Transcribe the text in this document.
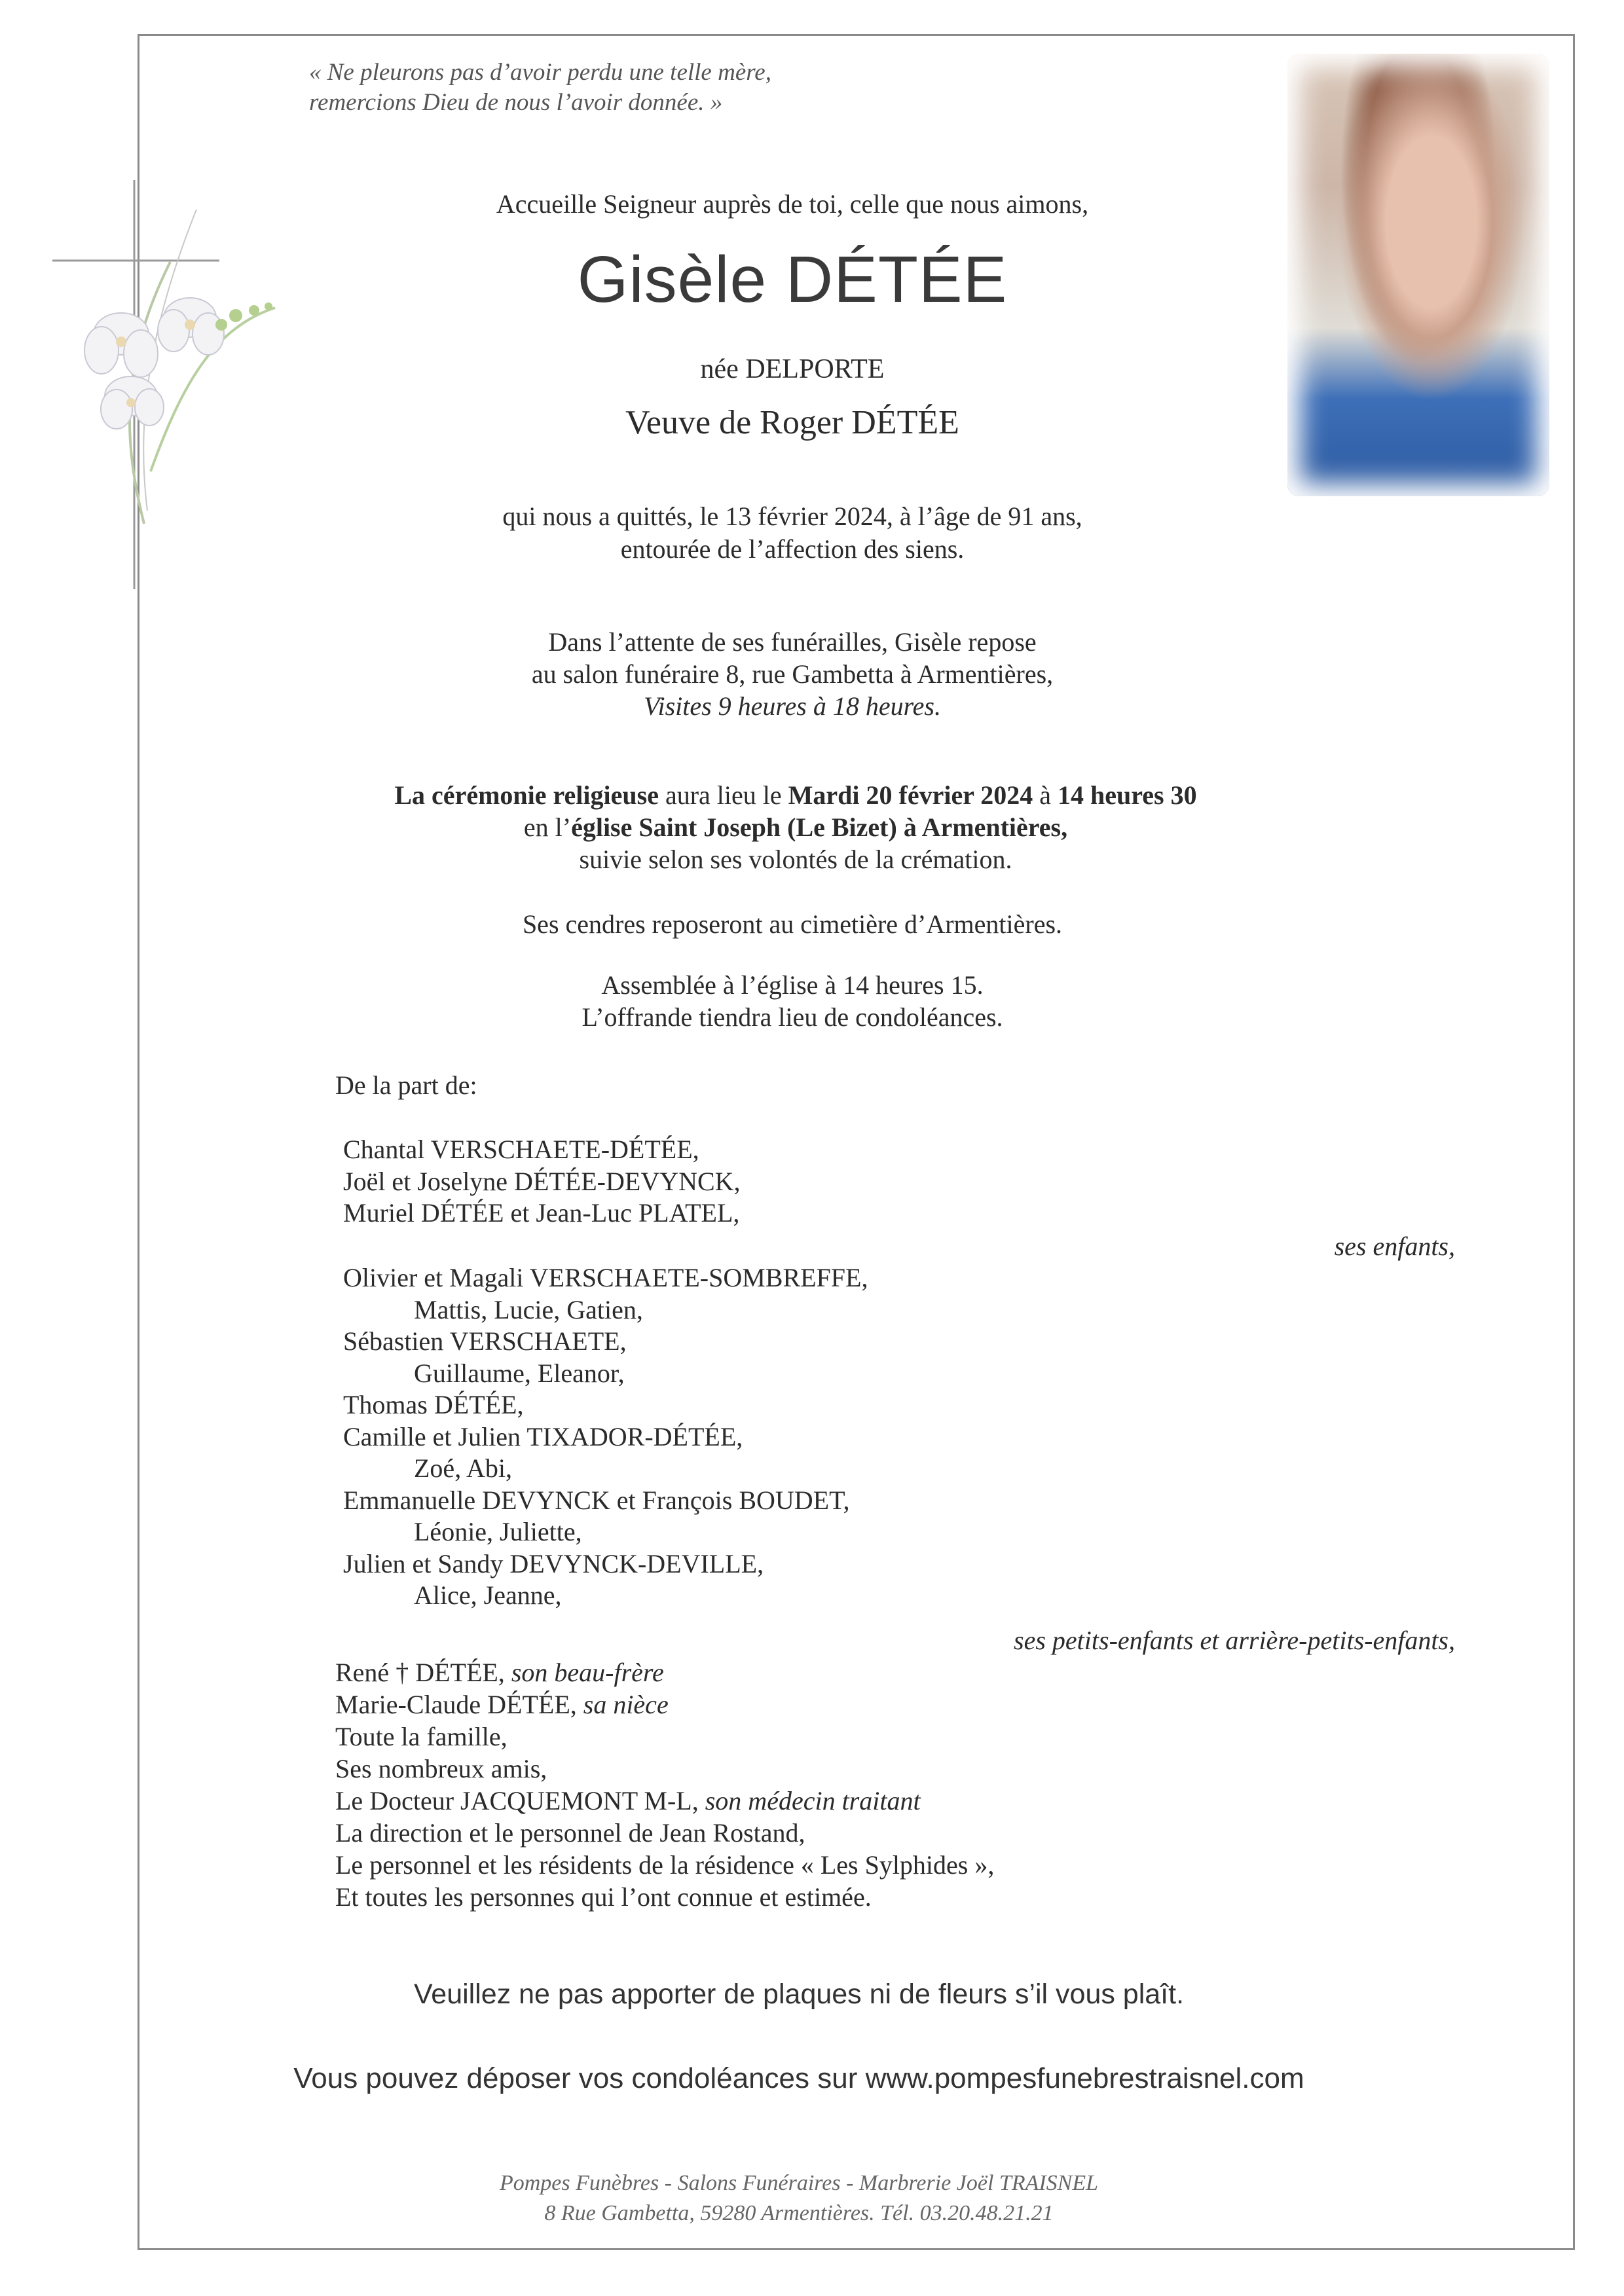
« Ne pleurons pas d’avoir perdu une telle mère,
remercions Dieu de nous l’avoir donnée. »

Accueille Seigneur auprès de toi, celle que nous aimons,

Gisèle DÉTÉE

née DELPORTE

Veuve de Roger DÉTÉE

qui nous a quittés, le 13 février 2024, à l’âge de 91 ans,
entourée de l’affection des siens.

Dans l’attente de ses funérailles, Gisèle repose
au salon funéraire 8, rue Gambetta à Armentières,
Visites 9 heures à 18 heures.

La cérémonie religieuse aura lieu le Mardi 20 février 2024 à 14 heures 30
en l’église Saint Joseph (Le Bizet) à Armentières,
suivie selon ses volontés de la crémation.

Ses cendres reposeront au cimetière d’Armentières.

Assemblée à l’église à 14 heures 15.
L’offrande tiendra lieu de condoléances.

De la part de:

Chantal VERSCHAETE-DÉTÉE,
Joël et Joselyne DÉTÉE-DEVYNCK,
Muriel DÉTÉE et Jean-Luc PLATEL,
ses enfants,
Olivier et Magali VERSCHAETE-SOMBREFFE,
Mattis, Lucie, Gatien,
Sébastien VERSCHAETE,
Guillaume, Eleanor,
Thomas DÉTÉE,
Camille et Julien TIXADOR-DÉTÉE,
Zoé, Abi,
Emmanuelle DEVYNCK et François BOUDET,
Léonie, Juliette,
Julien et Sandy DEVYNCK-DEVILLE,
Alice, Jeanne,
ses petits-enfants et arrière-petits-enfants,
René † DÉTÉE, son beau-frère
Marie-Claude DÉTÉE, sa nièce
Toute la famille,
Ses nombreux amis,
Le Docteur JACQUEMONT M-L, son médecin traitant
La direction et le personnel de Jean Rostand,
Le personnel et les résidents de la résidence « Les Sylphides »,
Et toutes les personnes qui l’ont connue et estimée.

Veuillez ne pas apporter de plaques ni de fleurs s’il vous plaît.

Vous pouvez déposer vos condoléances sur www.pompesfunebrestraisnel.com

Pompes Funèbres - Salons Funéraires - Marbrerie Joël TRAISNEL
8 Rue Gambetta, 59280 Armentières. Tél. 03.20.48.21.21
